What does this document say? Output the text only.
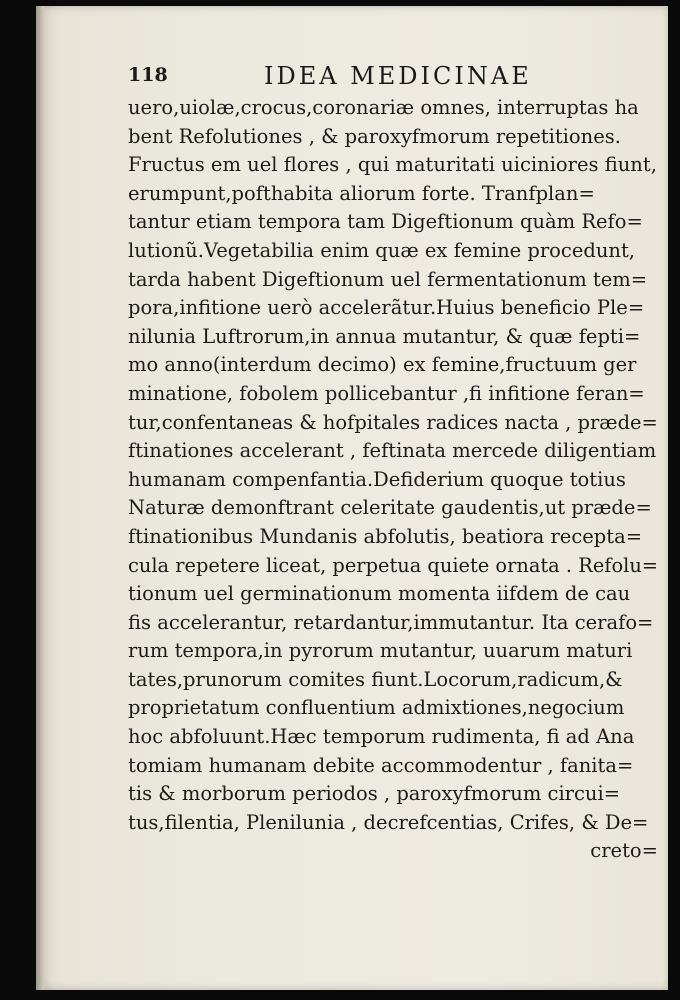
118	IDEA MEDICINAE
uero,uiolæ,crocus,coronariæ omnes, interruptas ha
bent Refolutiones , & paroxyfmorum repetitiones.
Fructus em uel flores , qui maturitati uiciniores fiunt,
erumpunt,pofthabita aliorum forte. Tranfplan=
tantur etiam tempora tam Digeftionum quàm Refo=
lutionũ.Vegetabilia enim quæ ex femine procedunt,
tarda habent Digeftionum uel fermentationum tem=
pora,infitione uerò accelerãtur.Huius beneficio Ple=
nilunia Luftrorum,in annua mutantur, & quæ fepti=
mo anno(interdum decimo) ex femine,fructuum ger
minatione, fobolem pollicebantur ,fi infitione feran=
tur,confentaneas & hofpitales radices nacta , præde=
ftinationes accelerant , feftinata mercede diligentiam
humanam compenfantia.Defiderium quoque totius
Naturæ demonftrant celeritate gaudentis,ut præde=
ftinationibus Mundanis abfolutis, beatiora recepta=
cula repetere liceat, perpetua quiete ornata . Refolu=
tionum uel germinationum momenta iifdem de cau
fis accelerantur, retardantur,immutantur. Ita cerafo=
rum tempora,in pyrorum mutantur, uuarum maturi
tates,prunorum comites fiunt.Locorum,radicum,&
proprietatum confluentium admixtiones,negocium
hoc abfoluunt.Hæc temporum rudimenta, fi ad Ana
tomiam humanam debite accommodentur , fanita=
tis & morborum periodos , paroxyfmorum circui=
tus,filentia, Plenilunia , decrefcentias, Crifes, & De=
creto=
